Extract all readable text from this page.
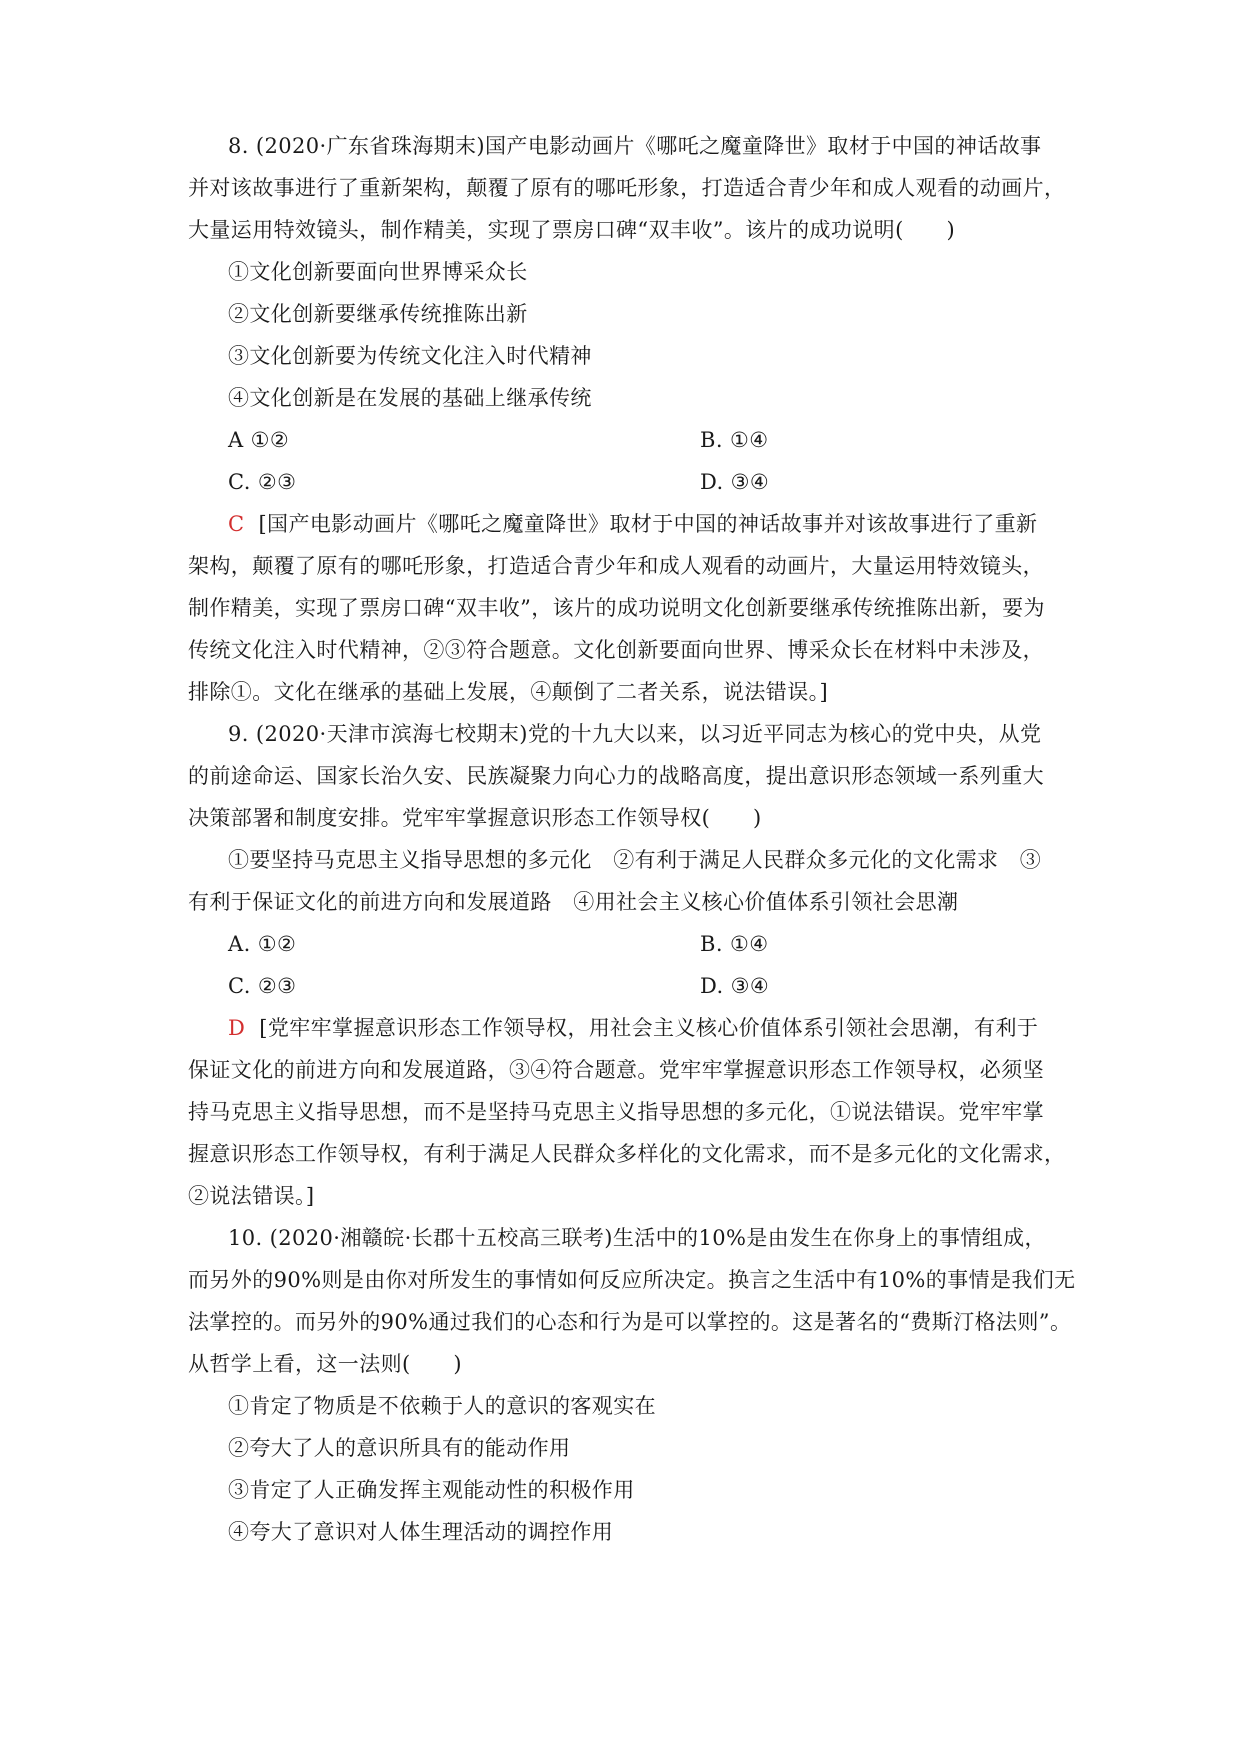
8. (2020·广东省珠海期末)国产电影动画片《哪吒之魔童降世》取材于中国的神话故事
并对该故事进行了重新架构，颠覆了原有的哪吒形象，打造适合青少年和成人观看的动画片，
大量运用特效镜头，制作精美，实现了票房口碑“双丰收”。该片的成功说明(　　)
①文化创新要面向世界博采众长
②文化创新要继承传统推陈出新
③文化创新要为传统文化注入时代精神
④文化创新是在发展的基础上继承传统
A ①②	B. ①④
C. ②③	D. ③④
C [国产电影动画片《哪吒之魔童降世》取材于中国的神话故事并对该故事进行了重新
架构，颠覆了原有的哪吒形象，打造适合青少年和成人观看的动画片，大量运用特效镜头，
制作精美，实现了票房口碑“双丰收”，该片的成功说明文化创新要继承传统推陈出新，要为
传统文化注入时代精神，②③符合题意。文化创新要面向世界、博采众长在材料中未涉及，
排除①。文化在继承的基础上发展，④颠倒了二者关系，说法错误。]
9. (2020·天津市滨海七校期末)党的十九大以来，以习近平同志为核心的党中央，从党
的前途命运、国家长治久安、民族凝聚力向心力的战略高度，提出意识形态领域一系列重大
决策部署和制度安排。党牢牢掌握意识形态工作领导权(　　)
①要坚持马克思主义指导思想的多元化　②有利于满足人民群众多元化的文化需求　③
有利于保证文化的前进方向和发展道路　④用社会主义核心价值体系引领社会思潮
A. ①②	B. ①④
C. ②③	D. ③④
D [党牢牢掌握意识形态工作领导权，用社会主义核心价值体系引领社会思潮，有利于
保证文化的前进方向和发展道路，③④符合题意。党牢牢掌握意识形态工作领导权，必须坚
持马克思主义指导思想，而不是坚持马克思主义指导思想的多元化，①说法错误。党牢牢掌
握意识形态工作领导权，有利于满足人民群众多样化的文化需求，而不是多元化的文化需求，
②说法错误。]
10. (2020·湘赣皖·长郡十五校高三联考)生活中的10%是由发生在你身上的事情组成，
而另外的90%则是由你对所发生的事情如何反应所决定。换言之生活中有10%的事情是我们无
法掌控的。而另外的90%通过我们的心态和行为是可以掌控的。这是著名的“费斯汀格法则”。
从哲学上看，这一法则(　　)
①肯定了物质是不依赖于人的意识的客观实在
②夸大了人的意识所具有的能动作用
③肯定了人正确发挥主观能动性的积极作用
④夸大了意识对人体生理活动的调控作用
